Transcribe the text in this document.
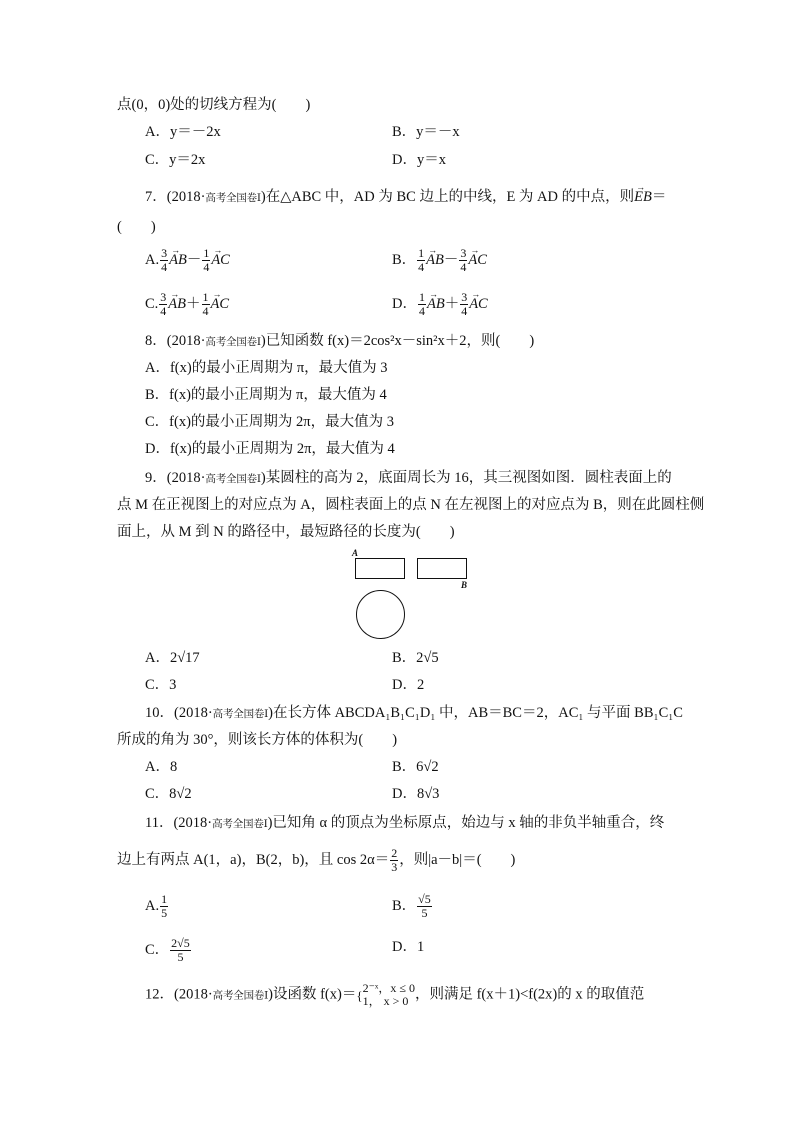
点(0，0)处的切线方程为(　　)
A．y＝－2x	B．y＝－x
C．y＝2x	D．y＝x
7．(2018·高考全国卷Ⅰ)在△ABC 中，AD 为 BC 边上的中线，E 为 AD 的中点，则→ EB＝
(　　)
A. $\frac{3}{4}$
→ $AB- \frac{1}{4}$
→ AC	B． $\frac{1}{4}$
→ $AB- \frac{3}{4}$
→ AC
C. $\frac{3}{4}$
→ $AB+ \frac{1}{4}$
→ AC	D． $\frac{1}{4}$
→ $AB+ \frac{3}{4}$
→ AC
8．(2018·高考全国卷Ⅰ)已知函数 f(x)＝2cos²x－sin²x＋2，则(　　)
A．f(x)的最小正周期为 π，最大值为 3
B．f(x)的最小正周期为 π，最大值为 4
C．f(x)的最小正周期为 2π，最大值为 3
D．f(x)的最小正周期为 2π，最大值为 4
9．(2018·高考全国卷Ⅰ)某圆柱的高为 2，底面周长为 16，其三视图如图．圆柱表面上的
点 M 在正视图上的对应点为 A，圆柱表面上的点 N 在左视图上的对应点为 B，则在此圆柱侧
面上，从 M 到 N 的路径中，最短路径的长度为(　　)
A
B
A．2√17	B．2√5
C．3	D．2
10．(2018·高考全国卷Ⅰ)在长方体 ABCDA₁B₁C₁D₁ 中，AB＝BC＝2，AC₁ 与平面 BB₁C₁C
所成的角为 30°，则该长方体的体积为(　　)
A．8	B．6√2
C．8√2	D．8√3
11．(2018·高考全国卷Ⅰ)已知角 α 的顶点为坐标原点，始边与 x 轴的非负半轴重合，终
边上有两点 A(1，a)，B(2，b)，且 $\cos 2\alpha= \frac{2}{3}$ ，则|a－b|＝(　　)
A. $\frac{1}{5}$	B． $\frac{√5}{5}$
C． $\frac{2√5}{5}$	D．1
12．(2018·高考全国卷Ⅰ)设函数 f(x)＝{ 2⁻ˣ，x ≤ 0
1， x > 0 ，则满足 f(x＋1)<f(2x)的 x 的取值范
